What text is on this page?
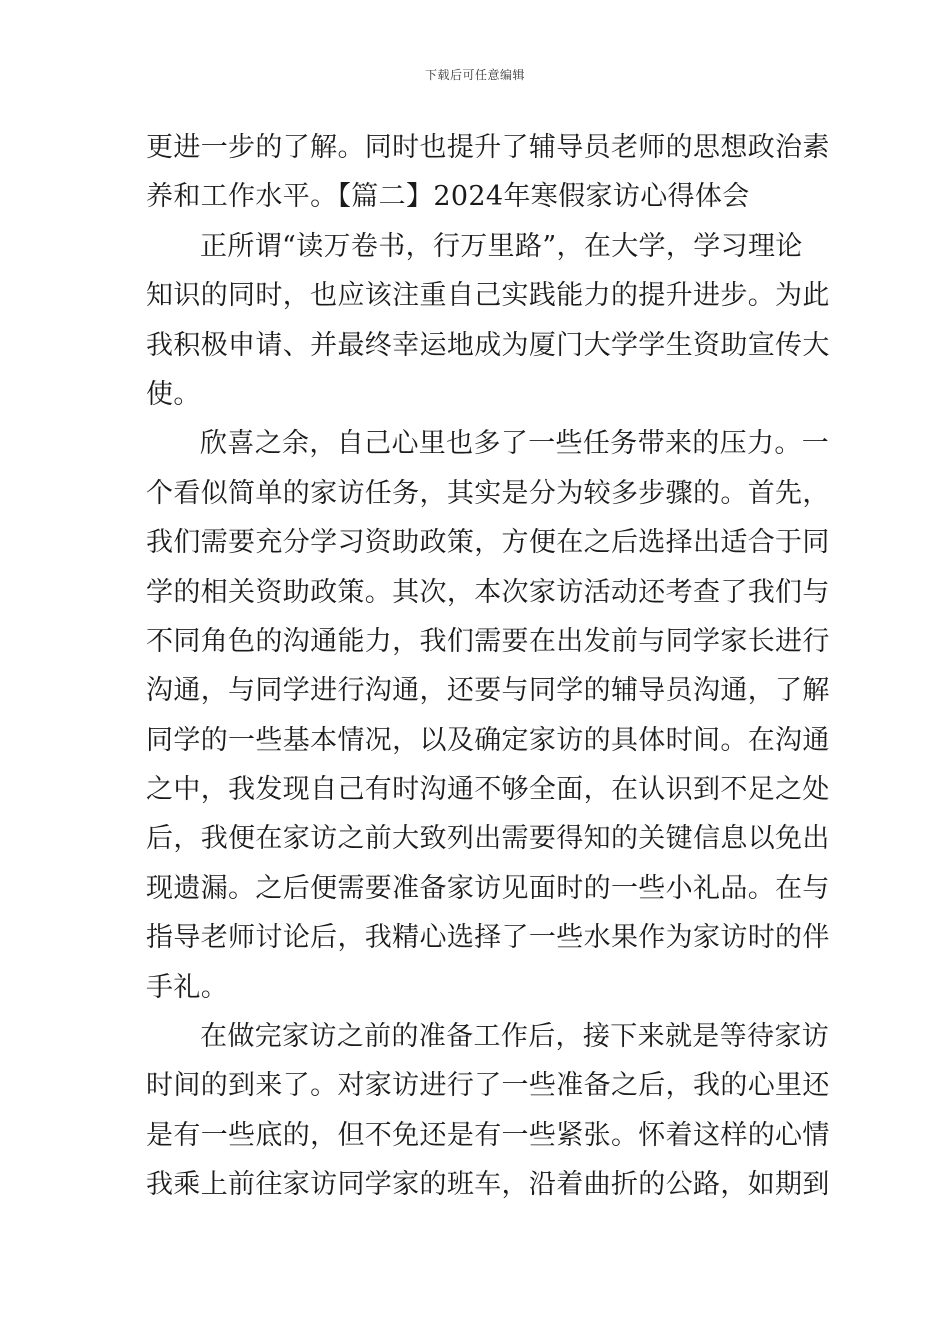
下载后可任意编辑
更进一步的了解。同时也提升了辅导员老师的思想政治素
养和工作水平。【篇二】2024年寒假家访心得体会
正所谓“读万卷书，行万里路”，在大学，学习理论
知识的同时，也应该注重自己实践能力的提升进步。为此
我积极申请、并最终幸运地成为厦门大学学生资助宣传大
使。
欣喜之余，自己心里也多了一些任务带来的压力。一
个看似简单的家访任务，其实是分为较多步骤的。首先，
我们需要充分学习资助政策，方便在之后选择出适合于同
学的相关资助政策。其次，本次家访活动还考查了我们与
不同角色的沟通能力，我们需要在出发前与同学家长进行
沟通，与同学进行沟通，还要与同学的辅导员沟通，了解
同学的一些基本情况，以及确定家访的具体时间。在沟通
之中，我发现自己有时沟通不够全面，在认识到不足之处
后，我便在家访之前大致列出需要得知的关键信息以免出
现遗漏。之后便需要准备家访见面时的一些小礼品。在与
指导老师讨论后，我精心选择了一些水果作为家访时的伴
手礼。
在做完家访之前的准备工作后，接下来就是等待家访
时间的到来了。对家访进行了一些准备之后，我的心里还
是有一些底的，但不免还是有一些紧张。怀着这样的心情
我乘上前往家访同学家的班车，沿着曲折的公路，如期到
